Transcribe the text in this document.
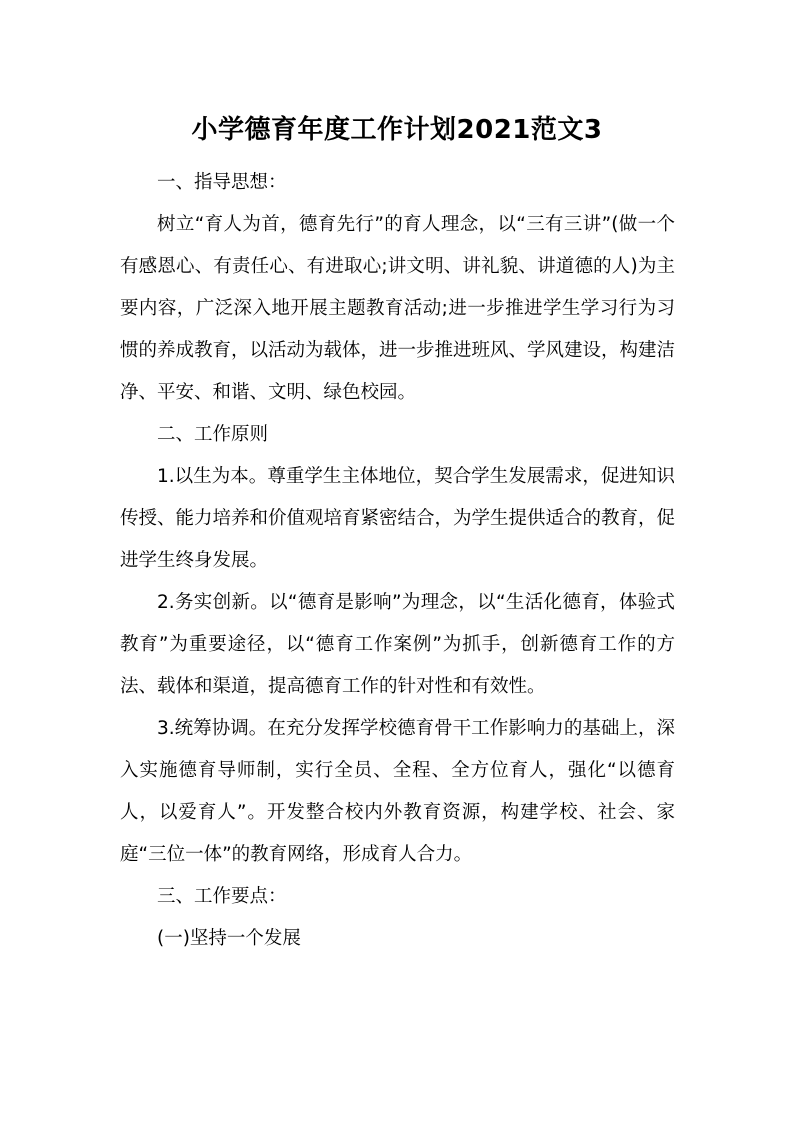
小学德育年度工作计划2021范文3

一、指导思想：

树立“育人为首，德育先行”的育人理念，以“三有三讲”(做一个有感恩心、有责任心、有进取心;讲文明、讲礼貌、讲道德的人)为主要内容，广泛深入地开展主题教育活动;进一步推进学生学习行为习惯的养成教育，以活动为载体，进一步推进班风、学风建设，构建洁净、平安、和谐、文明、绿色校园。

二、工作原则

1.以生为本。尊重学生主体地位，契合学生发展需求，促进知识传授、能力培养和价值观培育紧密结合，为学生提供适合的教育，促进学生终身发展。

2.务实创新。以“德育是影响”为理念，以“生活化德育，体验式教育”为重要途径，以“德育工作案例”为抓手，创新德育工作的方法、载体和渠道，提高德育工作的针对性和有效性。

3.统筹协调。在充分发挥学校德育骨干工作影响力的基础上，深入实施德育导师制，实行全员、全程、全方位育人，强化“以德育人，以爱育人”。开发整合校内外教育资源，构建学校、社会、家庭“三位一体”的教育网络，形成育人合力。

三、工作要点：

(一)坚持一个发展
